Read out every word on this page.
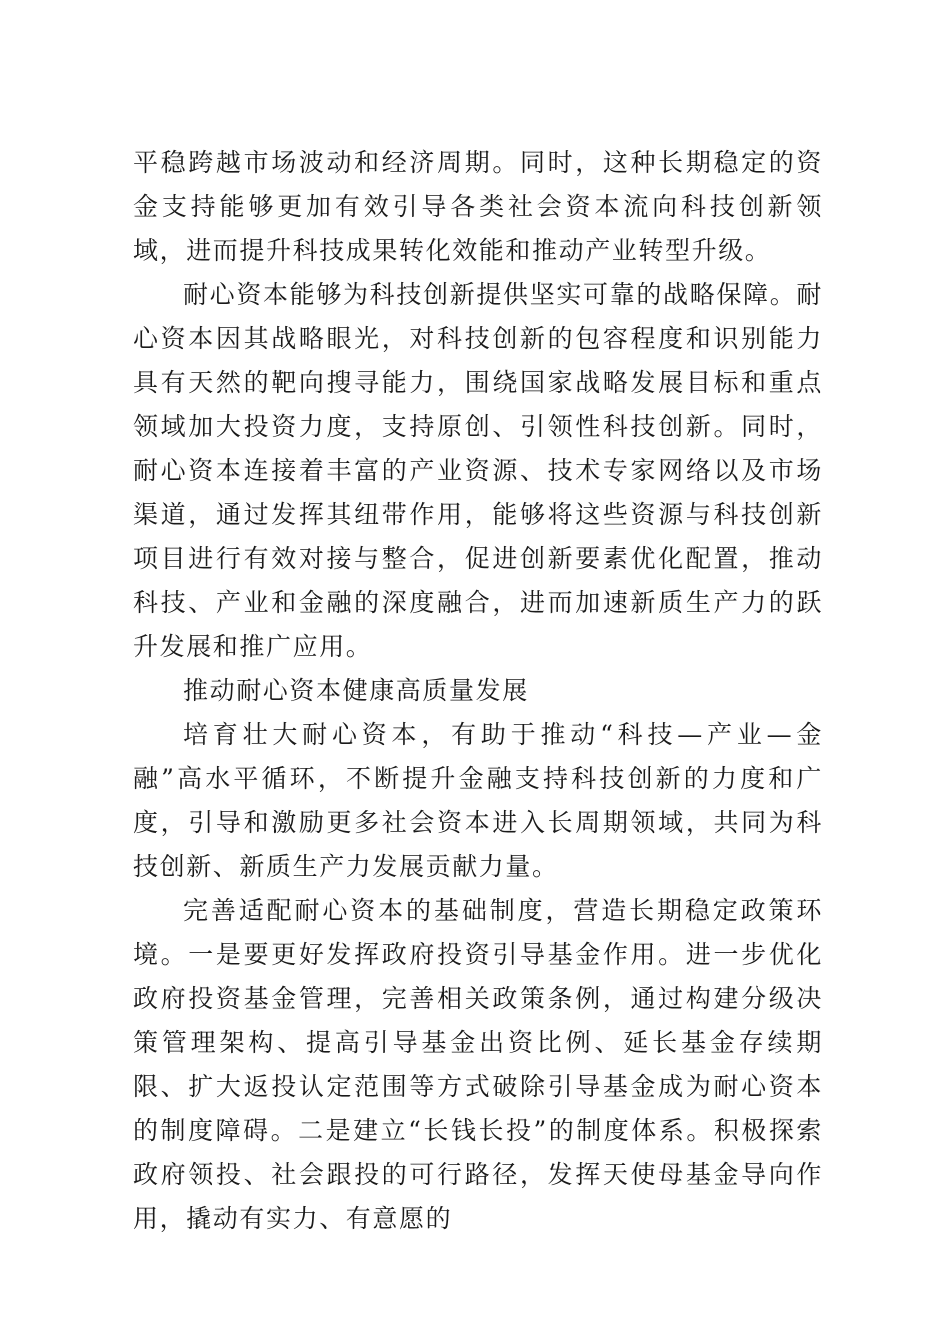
平稳跨越市场波动和经济周期。同时，这种长期稳定的资金支持能够更加有效引导各类社会资本流向科技创新领域，进而提升科技成果转化效能和推动产业转型升级。

耐心资本能够为科技创新提供坚实可靠的战略保障。耐心资本因其战略眼光，对科技创新的包容程度和识别能力具有天然的靶向搜寻能力，围绕国家战略发展目标和重点领域加大投资力度，支持原创、引领性科技创新。同时，耐心资本连接着丰富的产业资源、技术专家网络以及市场渠道，通过发挥其纽带作用，能够将这些资源与科技创新项目进行有效对接与整合，促进创新要素优化配置，推动科技、产业和金融的深度融合，进而加速新质生产力的跃升发展和推广应用。

推动耐心资本健康高质量发展

培育壮大耐心资本，有助于推动“科技—产业—金融”高水平循环，不断提升金融支持科技创新的力度和广度，引导和激励更多社会资本进入长周期领域，共同为科技创新、新质生产力发展贡献力量。

完善适配耐心资本的基础制度，营造长期稳定政策环境。一是要更好发挥政府投资引导基金作用。进一步优化政府投资基金管理，完善相关政策条例，通过构建分级决策管理架构、提高引导基金出资比例、延长基金存续期限、扩大返投认定范围等方式破除引导基金成为耐心资本的制度障碍。二是建立“长钱长投”的制度体系。积极探索政府领投、社会跟投的可行路径，发挥天使母基金导向作用，撬动有实力、有意愿的
